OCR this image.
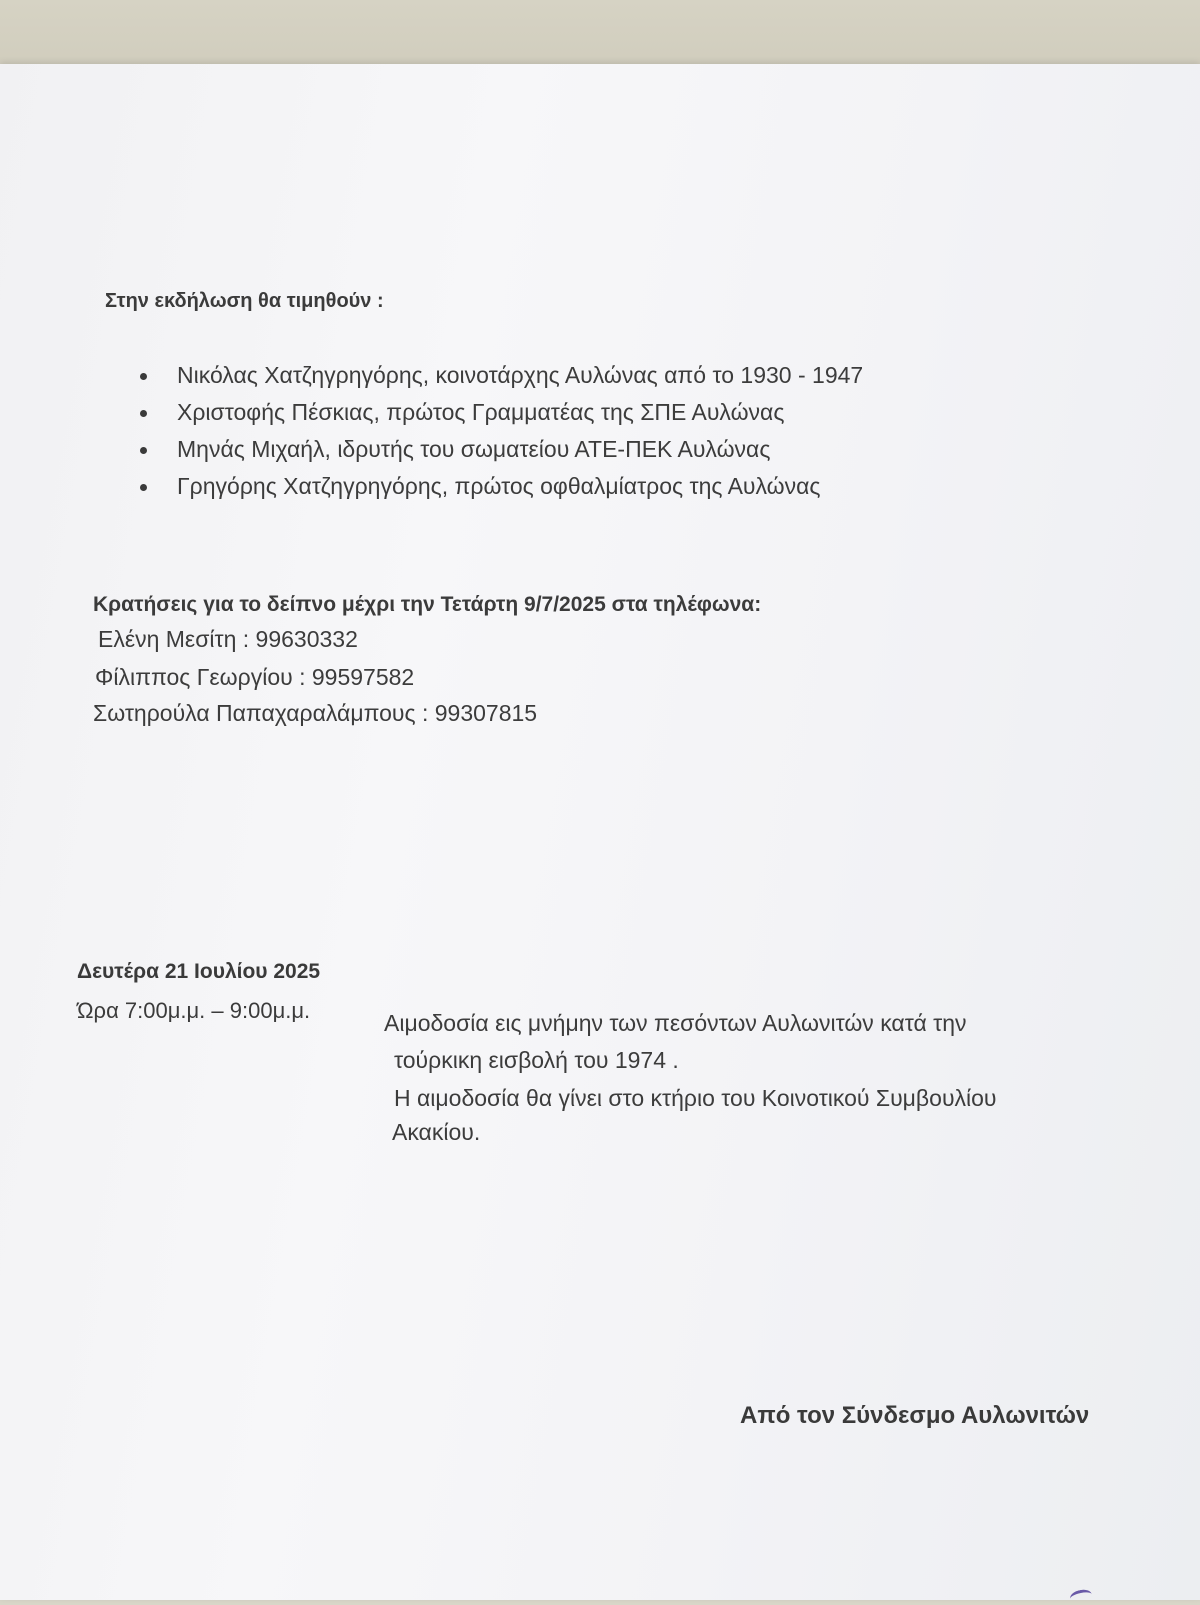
Στην εκδήλωση θα τιμηθούν :
Νικόλας Χατζηγρηγόρης, κοινοτάρχης Αυλώνας από το 1930 - 1947
Χριστοφής Πέσκιας, πρώτος Γραμματέας της ΣΠΕ Αυλώνας
Μηνάς Μιχαήλ, ιδρυτής του σωματείου ΑΤΕ-ΠΕΚ Αυλώνας
Γρηγόρης Χατζηγρηγόρης, πρώτος οφθαλμίατρος της Αυλώνας
Κρατήσεις για το δείπνο μέχρι την Τετάρτη 9/7/2025 στα τηλέφωνα:
Ελένη Μεσίτη : 99630332
Φίλιππος Γεωργίου : 99597582
Σωτηρούλα Παπαχαραλάμπους : 99307815
Δευτέρα 21 Ιουλίου 2025
Ώρα 7:00μ.μ. – 9:00μ.μ.	Αιμοδοσία εις μνήμην των πεσόντων Αυλωνιτών κατά την
τούρκικη εισβολή του 1974 .
Η αιμοδοσία θα γίνει στο κτήριο του Κοινοτικού Συμβουλίου
Ακακίου.
Από τον Σύνδεσμο Αυλωνιτών
